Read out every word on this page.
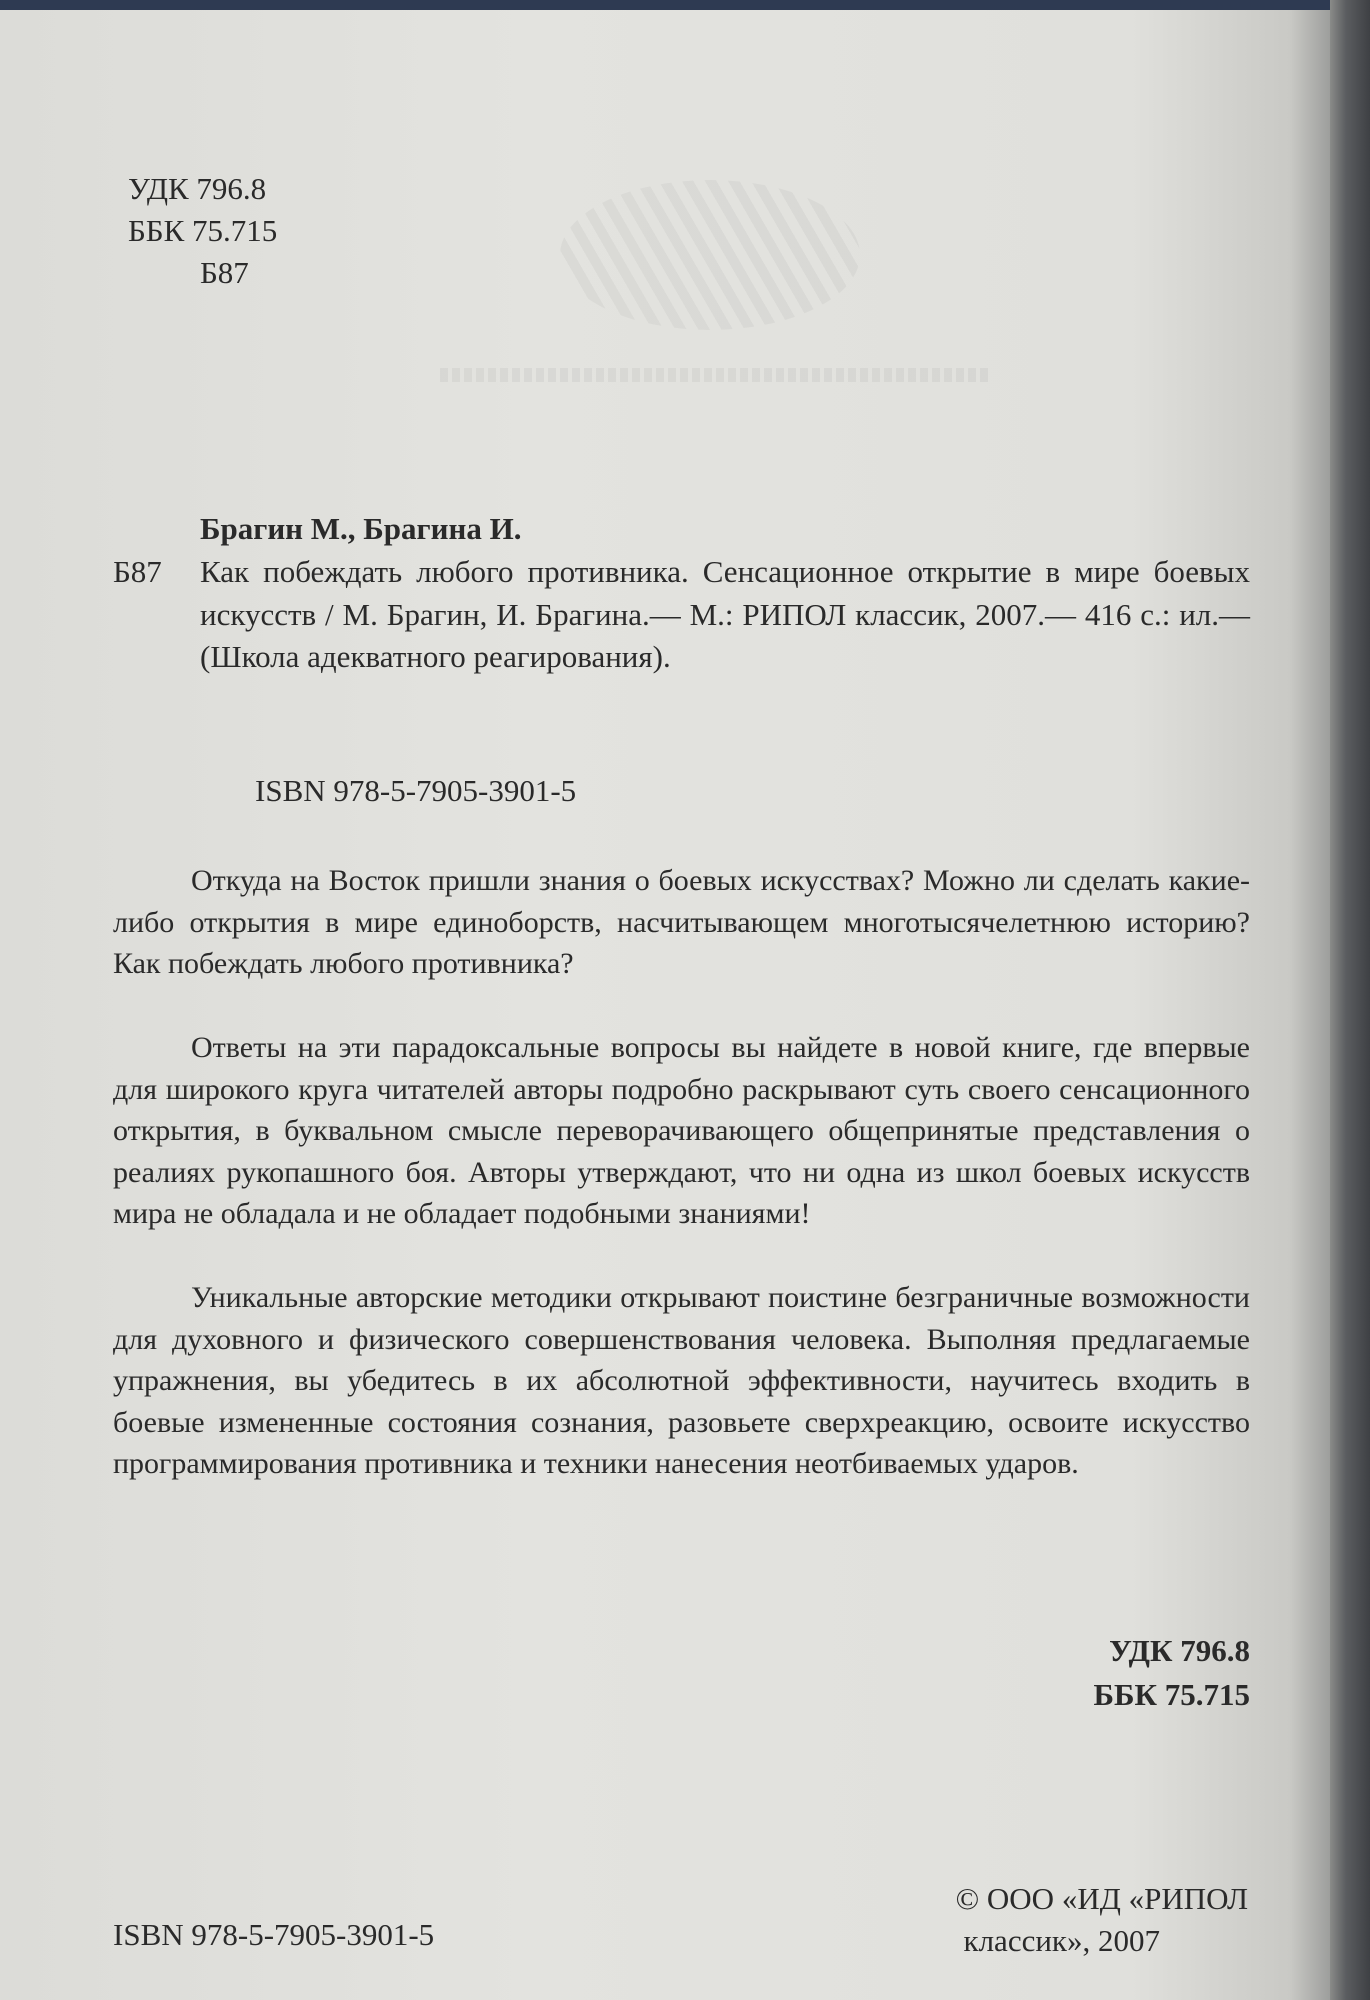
УДК 796.8
ББК 75.715
Б87
Брагин М., Брагина И.
Б87 Как побеждать любого противника. Сенсационное открытие в мире боевых искусств / М. Брагин, И. Брагина.— М.: РИПОЛ классик, 2007.— 416 с.: ил.— (Школа адекватного реагирования).
ISBN 978-5-7905-3901-5
Откуда на Восток пришли знания о боевых искусствах? Можно ли сделать какие-либо открытия в мире единоборств, насчитывающем многотысячелетнюю историю? Как побеждать любого противника?
Ответы на эти парадоксальные вопросы вы найдете в новой книге, где впервые для широкого круга читателей авторы подробно раскрывают суть своего сенсационного открытия, в буквальном смысле переворачивающего общепринятые представления о реалиях рукопашного боя. Авторы утверждают, что ни одна из школ боевых искусств мира не обладала и не обладает подобными знаниями!
Уникальные авторские методики открывают поистине безграничные возможности для духовного и физического совершенствования человека. Выполняя предлагаемые упражнения, вы убедитесь в их абсолютной эффективности, научитесь входить в боевые измененные состояния сознания, разовьете сверхреакцию, освоите искусство программирования противника и техники нанесения неотбиваемых ударов.
УДК 796.8
ББК 75.715
ISBN 978-5-7905-3901-5
© ООО «ИД «РИПОЛ
классик», 2007
